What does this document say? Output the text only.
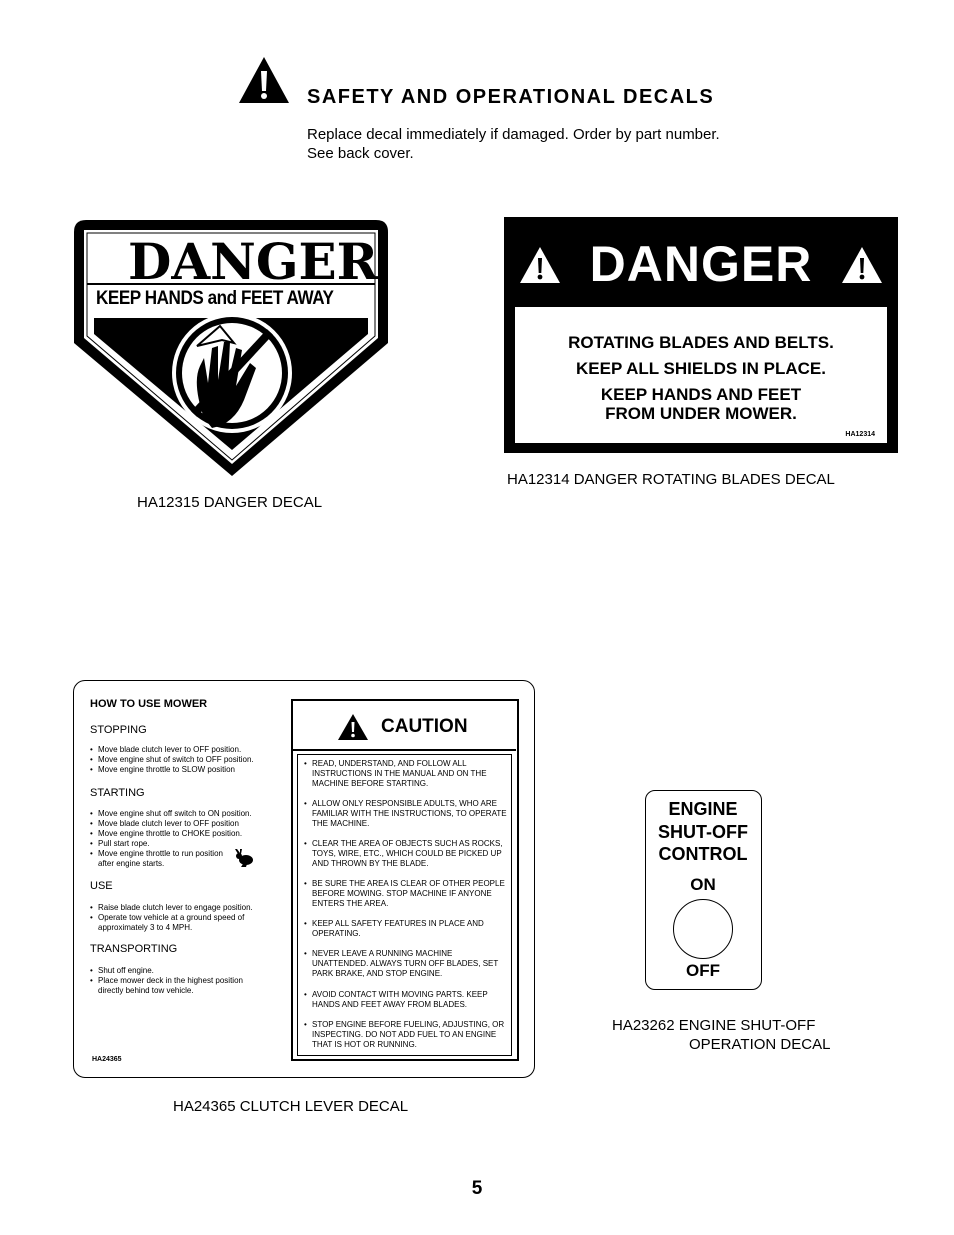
SAFETY AND OPERATIONAL DECALS
Replace decal immediately if damaged. Order by part number. See back cover.
DANGER
KEEP HANDS and FEET AWAY
HA12315 DANGER DECAL
DANGER
ROTATING BLADES AND BELTS.
KEEP ALL SHIELDS IN PLACE.
KEEP HANDS AND FEET
FROM UNDER MOWER.
HA12314
HA12314 DANGER ROTATING BLADES DECAL
HOW TO USE MOWER
STOPPING
• Move blade clutch lever to OFF position.
• Move engine shut of switch to OFF position.
• Move engine throttle to SLOW position
STARTING
• Move engine shut off switch to ON position.
• Move blade clutch lever to OFF position
• Move engine throttle to CHOKE position.
• Pull start rope.
• Move engine throttle to run position after engine starts.
USE
• Raise blade clutch lever to engage position.
• Operate tow vehicle at a ground speed of approximately 3 to 4 MPH.
TRANSPORTING
• Shut off engine.
• Place mower deck in the highest position directly behind tow vehicle.
HA24365
CAUTION
• READ, UNDERSTAND, AND FOLLOW ALL INSTRUCTIONS IN THE MANUAL AND ON THE MACHINE BEFORE STARTING.
• ALLOW ONLY RESPONSIBLE ADULTS, WHO ARE FAMILIAR WITH THE INSTRUCTIONS, TO OPERATE THE MACHINE.
• CLEAR THE AREA OF OBJECTS SUCH AS ROCKS, TOYS, WIRE, ETC., WHICH COULD BE PICKED UP AND THROWN BY THE BLADE.
• BE SURE THE AREA IS CLEAR OF OTHER PEOPLE BEFORE MOWING. STOP MACHINE IF ANYONE ENTERS THE AREA.
• KEEP ALL SAFETY FEATURES IN PLACE AND OPERATING.
• NEVER LEAVE A RUNNING MACHINE UNATTENDED. ALWAYS TURN OFF BLADES, SET PARK BRAKE, AND STOP ENGINE.
• AVOID CONTACT WITH MOVING PARTS. KEEP HANDS AND FEET AWAY FROM BLADES.
• STOP ENGINE BEFORE FUELING, ADJUSTING, OR INSPECTING. DO NOT ADD FUEL TO AN ENGINE THAT IS HOT OR RUNNING.
HA24365 CLUTCH LEVER DECAL
ENGINE
SHUT-OFF
CONTROL
ON
OFF
HA23262 ENGINE SHUT-OFF
OPERATION DECAL
5
